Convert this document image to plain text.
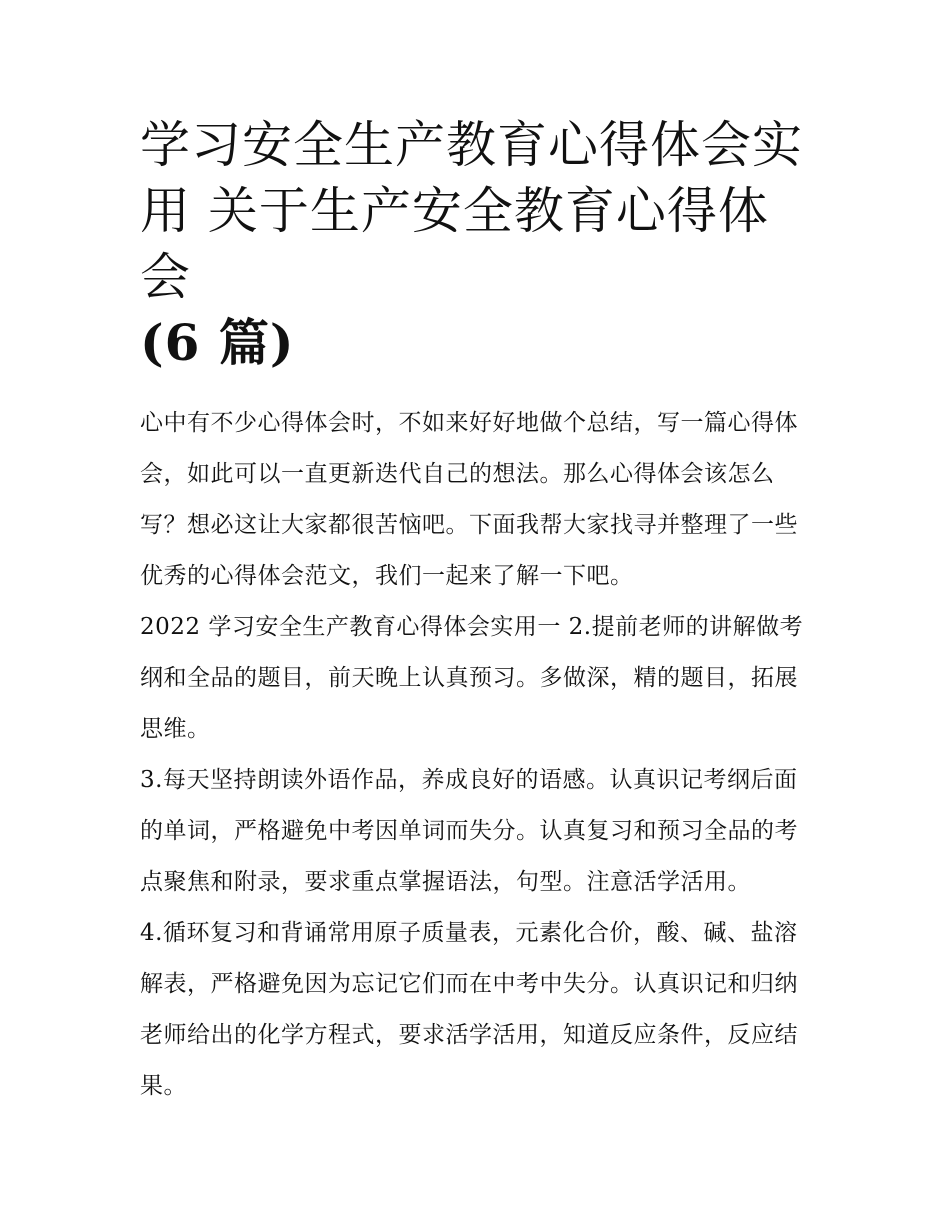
学习安全生产教育心得体会实
用 关于生产安全教育心得体会
(6 篇)

心中有不少心得体会时，不如来好好地做个总结，写一篇心得体会，如此可以一直更新迭代自己的想法。那么心得体会该怎么写？想必这让大家都很苦恼吧。下面我帮大家找寻并整理了一些优秀的心得体会范文，我们一起来了解一下吧。

2022 学习安全生产教育心得体会实用一 2.提前老师的讲解做考纲和全品的题目，前天晚上认真预习。多做深，精的题目，拓展思维。

3.每天坚持朗读外语作品，养成良好的语感。认真识记考纲后面的单词，严格避免中考因单词而失分。认真复习和预习全品的考点聚焦和附录，要求重点掌握语法，句型。注意活学活用。

4.循环复习和背诵常用原子质量表，元素化合价，酸、碱、盐溶解表，严格避免因为忘记它们而在中考中失分。认真识记和归纳老师给出的化学方程式，要求活学活用，知道反应条件，反应结果。
